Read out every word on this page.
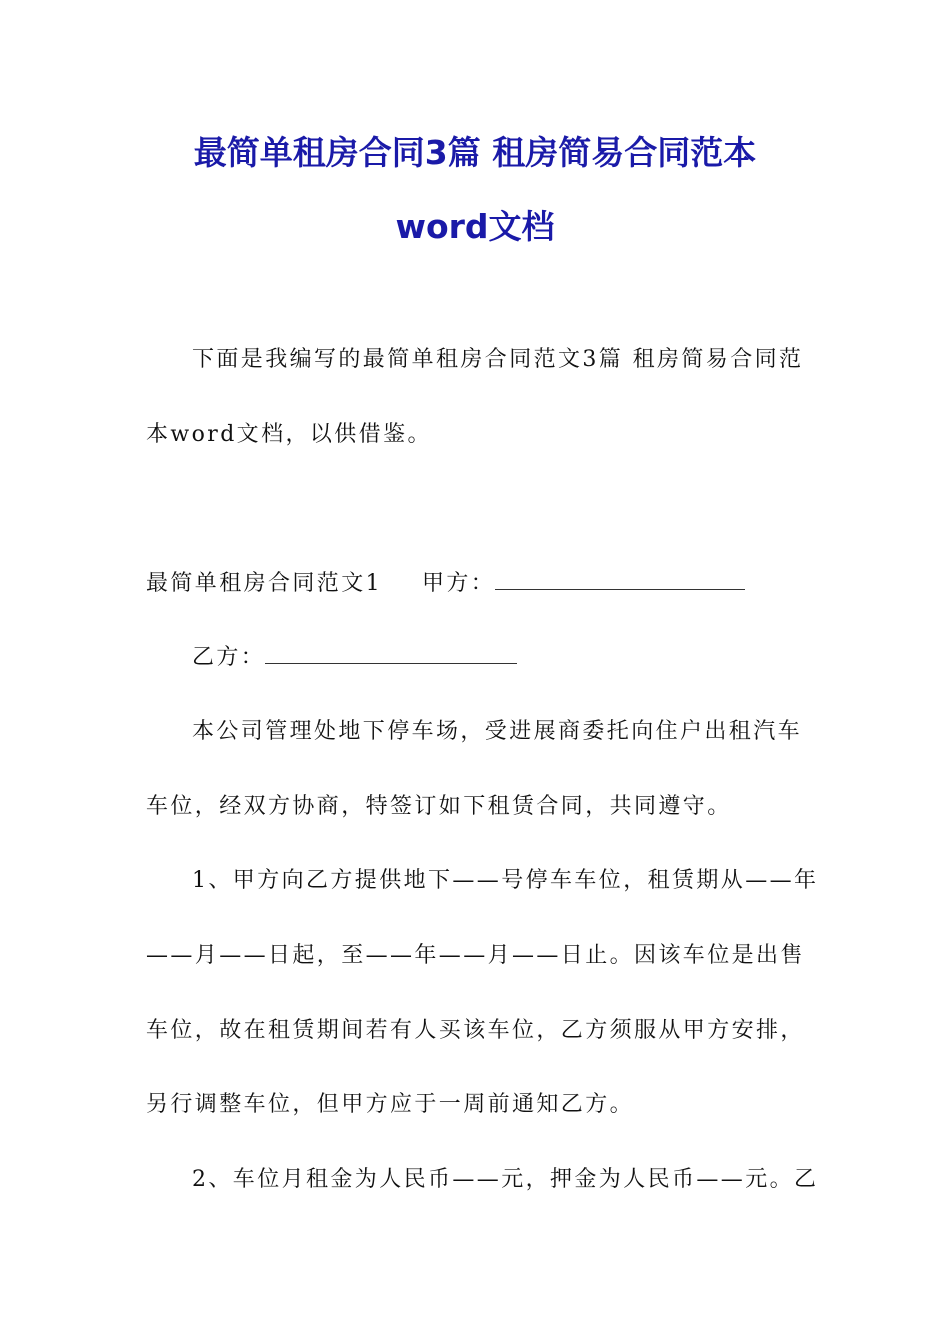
最简单租房合同3篇 租房简易合同范本
word文档

下面是我编写的最简单租房合同范文3篇 租房简易合同范

本word文档，以供借鉴。

最简单租房合同范文1 甲方：

乙方：

本公司管理处地下停车场，受进展商委托向住户出租汽车

车位，经双方协商，特签订如下租赁合同，共同遵守。

1、甲方向乙方提供地下——号停车车位，租赁期从——年

——月——日起，至——年——月——日止。因该车位是出售

车位，故在租赁期间若有人买该车位，乙方须服从甲方安排，

另行调整车位，但甲方应于一周前通知乙方。

2、车位月租金为人民币——元，押金为人民币——元。乙
